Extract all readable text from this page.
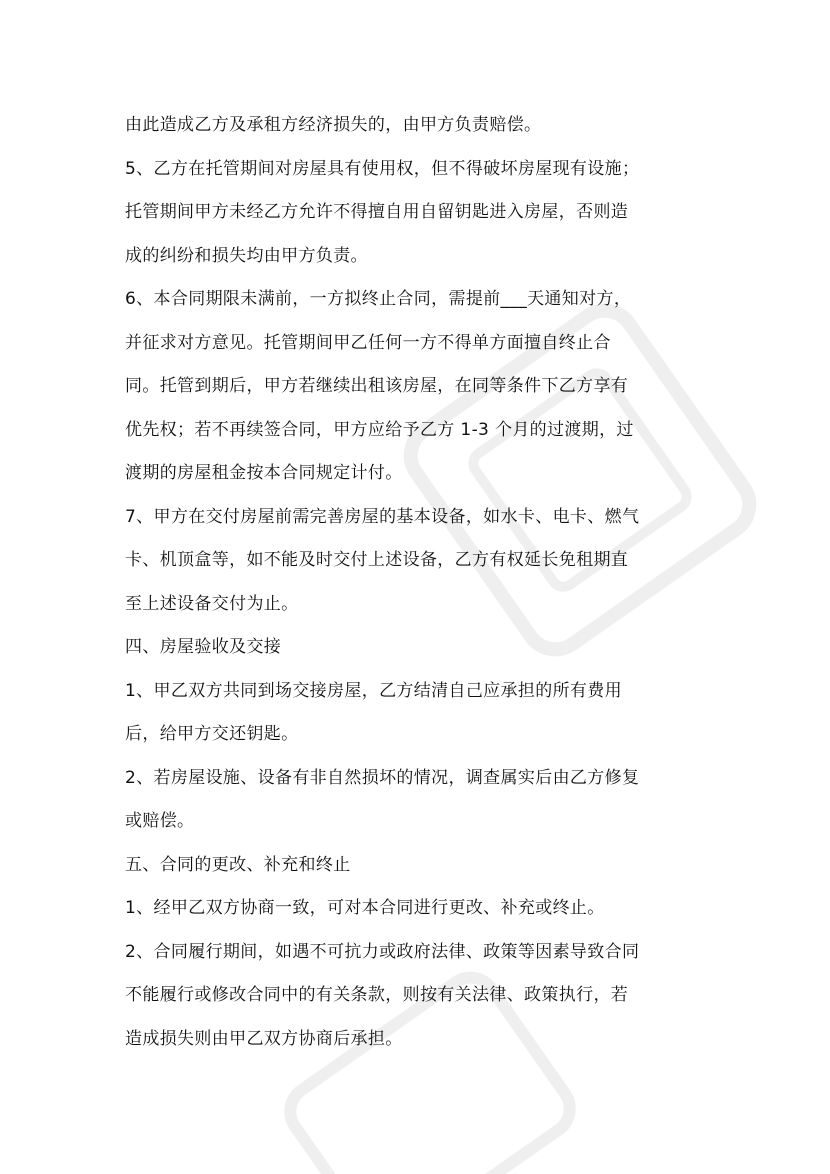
由此造成乙方及承租方经济损失的，由甲方负责赔偿。

5、乙方在托管期间对房屋具有使用权，但不得破坏房屋现有设施；
托管期间甲方未经乙方允许不得擅自用自留钥匙进入房屋，否则造
成的纠纷和损失均由甲方负责。

6、本合同期限未满前，一方拟终止合同，需提前___天通知对方，
并征求对方意见。托管期间甲乙任何一方不得单方面擅自终止合
同。托管到期后，甲方若继续出租该房屋，在同等条件下乙方享有
优先权；若不再续签合同，甲方应给予乙方 1-3 个月的过渡期，过
渡期的房屋租金按本合同规定计付。

7、甲方在交付房屋前需完善房屋的基本设备，如水卡、电卡、燃气
卡、机顶盒等，如不能及时交付上述设备，乙方有权延长免租期直
至上述设备交付为止。

四、房屋验收及交接

1、甲乙双方共同到场交接房屋，乙方结清自己应承担的所有费用
后，给甲方交还钥匙。

2、若房屋设施、设备有非自然损坏的情况，调查属实后由乙方修复
或赔偿。

五、合同的更改、补充和终止

1、经甲乙双方协商一致，可对本合同进行更改、补充或终止。

2、合同履行期间，如遇不可抗力或政府法律、政策等因素导致合同
不能履行或修改合同中的有关条款，则按有关法律、政策执行，若
造成损失则由甲乙双方协商后承担。
